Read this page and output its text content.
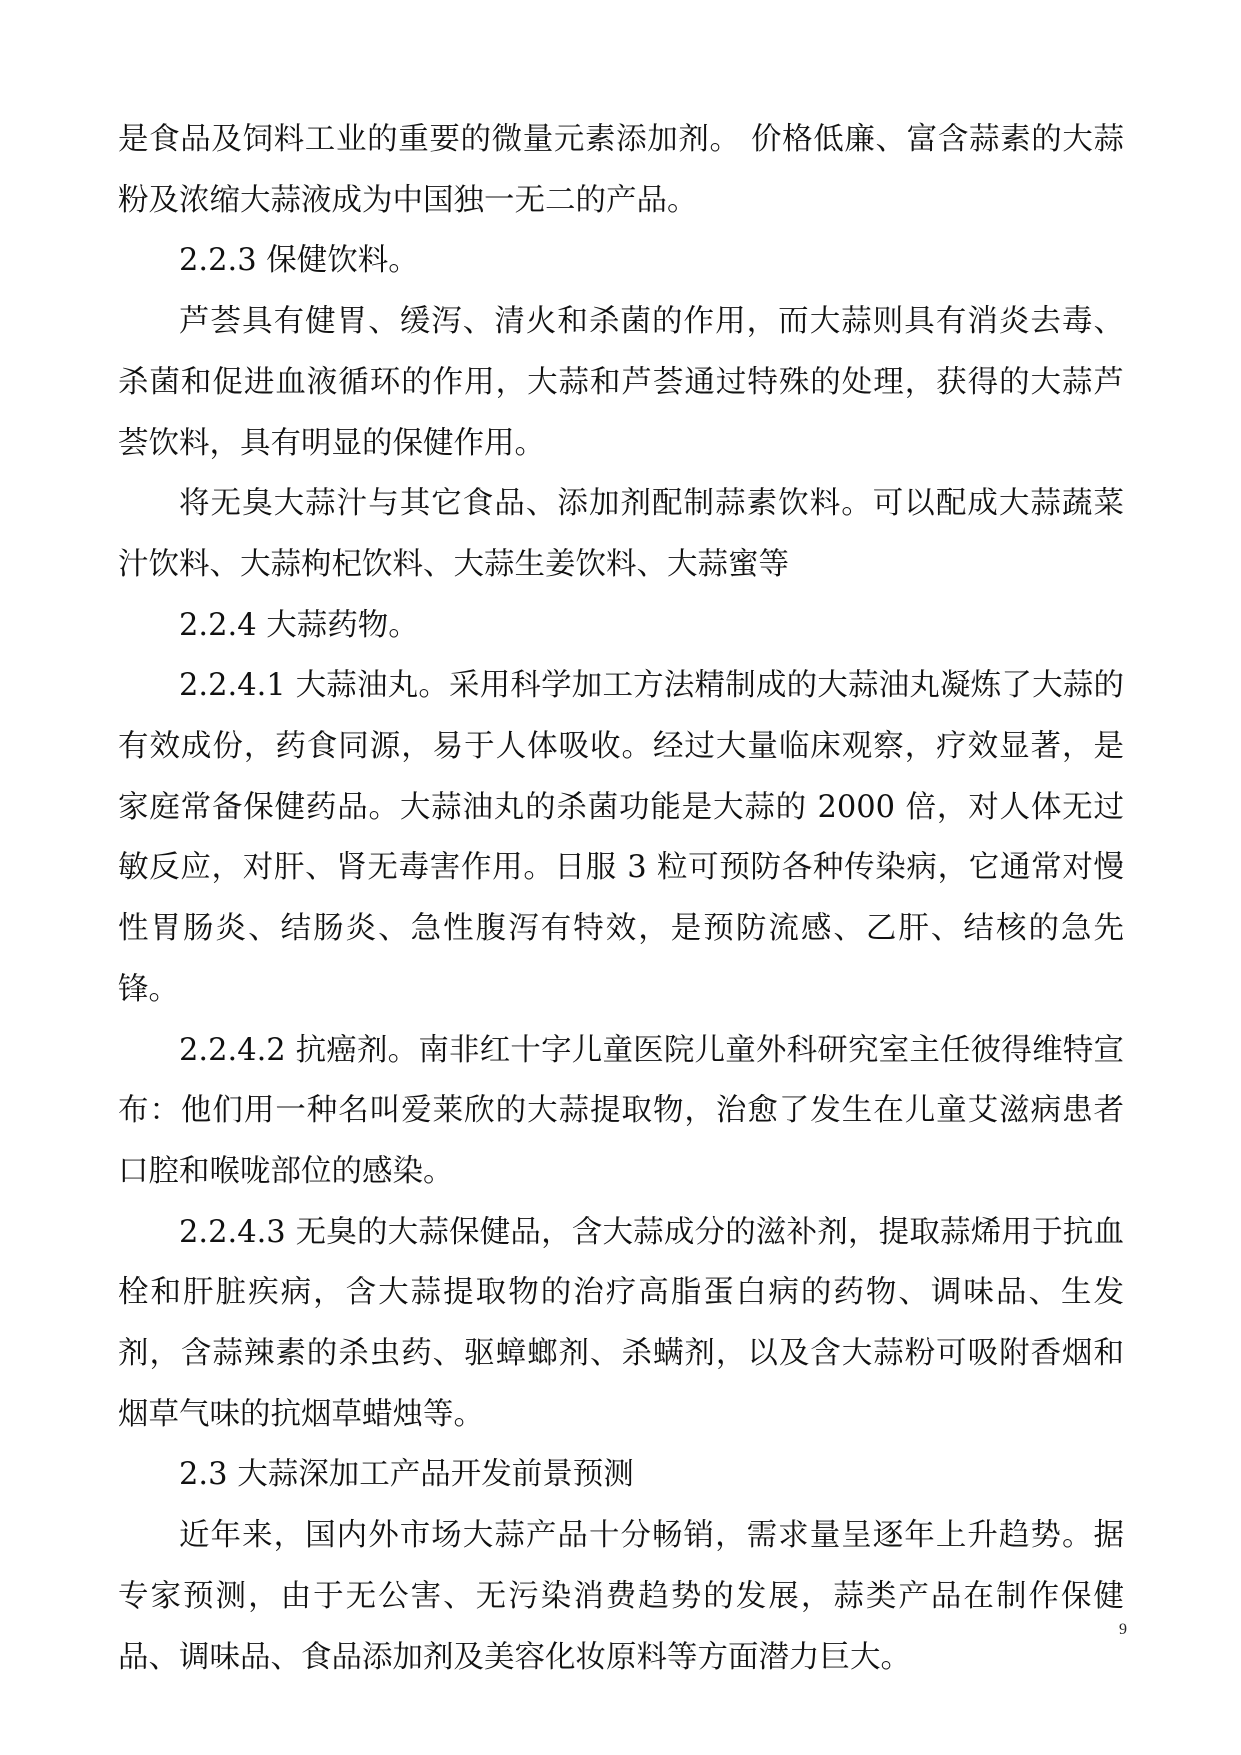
是食品及饲料工业的重要的微量元素添加剂。 价格低廉、富含蒜素的大蒜粉及浓缩大蒜液成为中国独一无二的产品。

2.2.3 保健饮料。

芦荟具有健胃、缓泻、清火和杀菌的作用，而大蒜则具有消炎去毒、杀菌和促进血液循环的作用，大蒜和芦荟通过特殊的处理，获得的大蒜芦荟饮料，具有明显的保健作用。

将无臭大蒜汁与其它食品、添加剂配制蒜素饮料。可以配成大蒜蔬菜汁饮料、大蒜枸杞饮料、大蒜生姜饮料、大蒜蜜等

2.2.4 大蒜药物。

2.2.4.1 大蒜油丸。采用科学加工方法精制成的大蒜油丸凝炼了大蒜的有效成份，药食同源，易于人体吸收。经过大量临床观察，疗效显著，是家庭常备保健药品。大蒜油丸的杀菌功能是大蒜的 2000 倍，对人体无过敏反应，对肝、肾无毒害作用。日服 3 粒可预防各种传染病，它通常对慢性胃肠炎、结肠炎、急性腹泻有特效，是预防流感、乙肝、结核的急先锋。

2.2.4.2 抗癌剂。南非红十字儿童医院儿童外科研究室主任彼得维特宣布：他们用一种名叫爱莱欣的大蒜提取物，治愈了发生在儿童艾滋病患者口腔和喉咙部位的感染。

2.2.4.3 无臭的大蒜保健品，含大蒜成分的滋补剂，提取蒜烯用于抗血栓和肝脏疾病，含大蒜提取物的治疗高脂蛋白病的药物、调味品、生发剂，含蒜辣素的杀虫药、驱蟑螂剂、杀螨剂，以及含大蒜粉可吸附香烟和烟草气味的抗烟草蜡烛等。

2.3 大蒜深加工产品开发前景预测

近年来，国内外市场大蒜产品十分畅销，需求量呈逐年上升趋势。据专家预测，由于无公害、无污染消费趋势的发展，蒜类产品在制作保健品、调味品、食品添加剂及美容化妆原料等方面潜力巨大。

9
